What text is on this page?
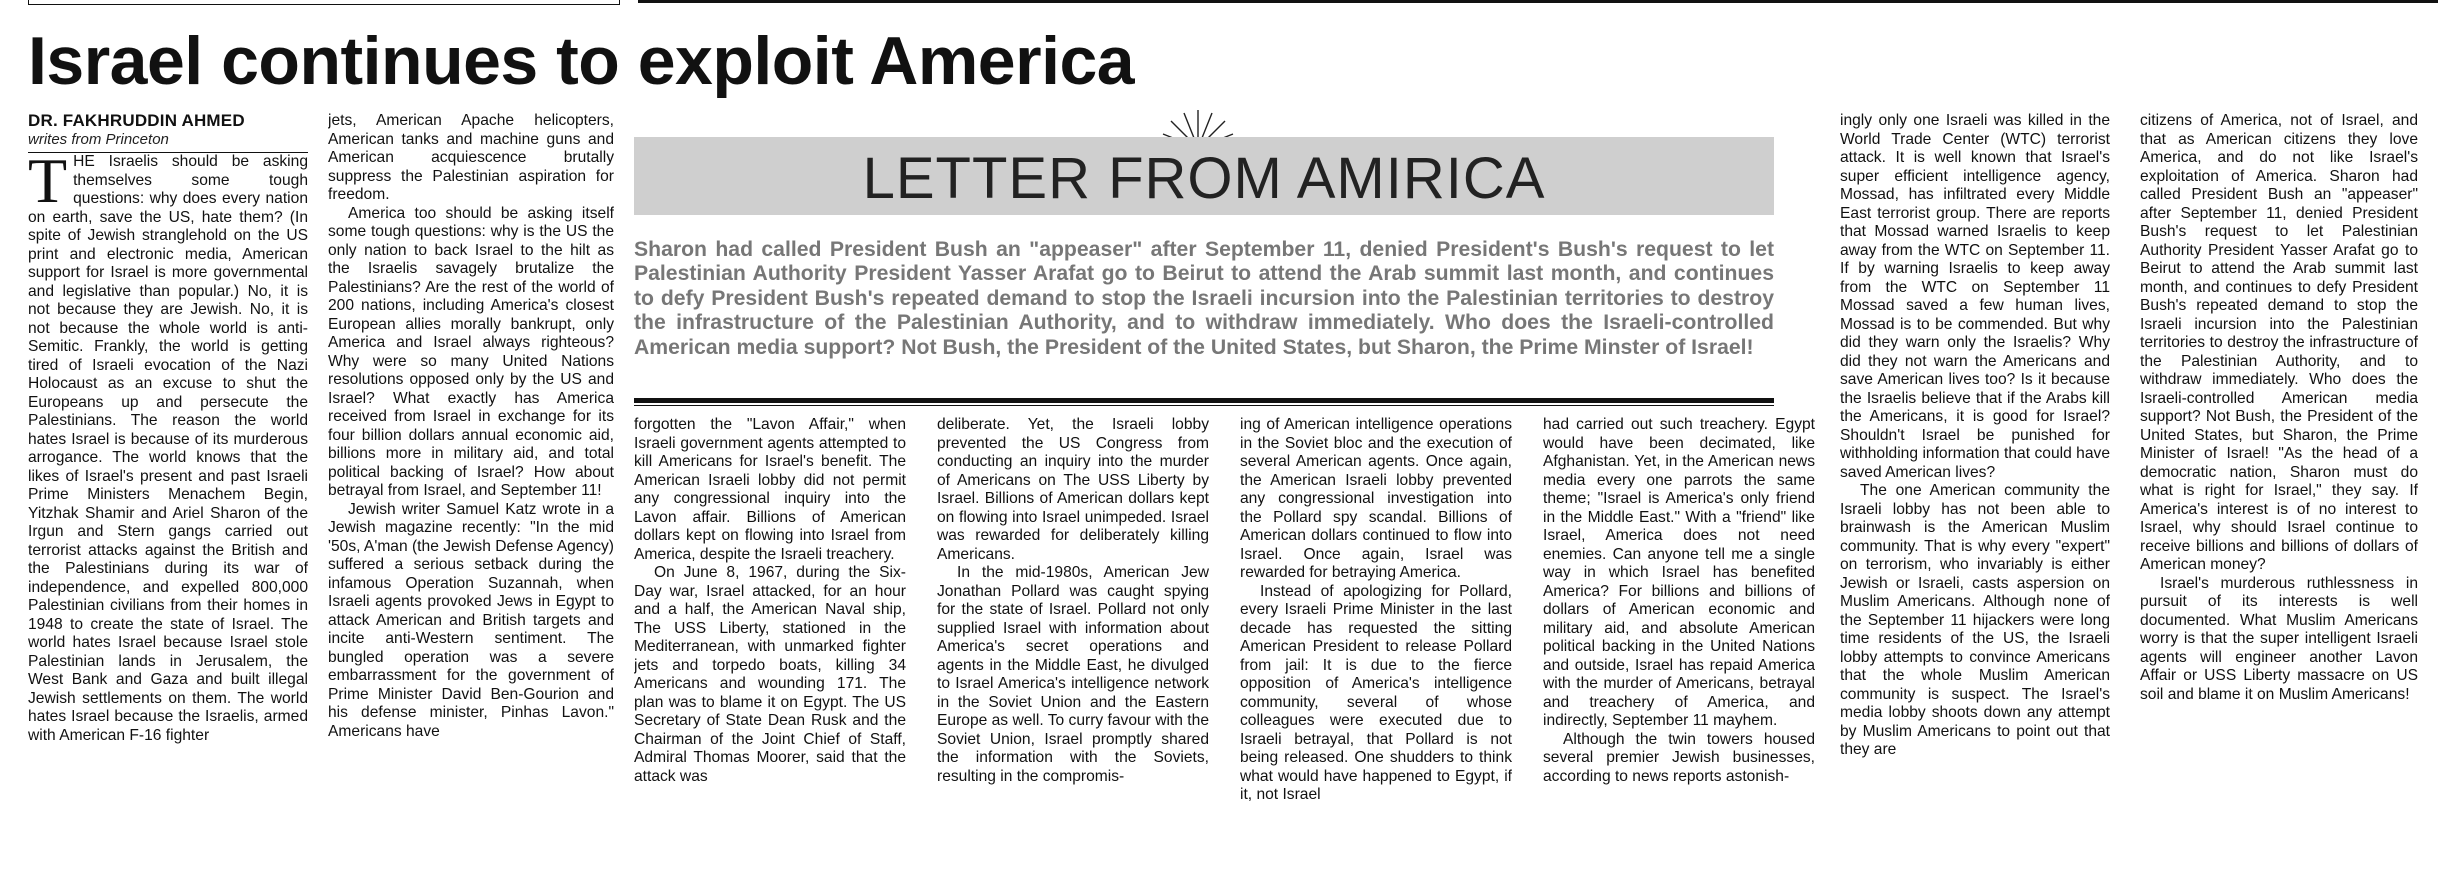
Israel continues to exploit America

DR. FAKHRUDDIN AHMED

writes from Princeton

THE Israelis should be asking themselves some tough questions: why does every nation on earth, save the US, hate them? (In spite of Jewish stranglehold on the US print and electronic media, American support for Israel is more governmental and legislative than popular.) No, it is not because they are Jewish. No, it is not because the whole world is anti-Semitic. Frankly, the world is getting tired of Israeli evocation of the Nazi Holocaust as an excuse to shut the Europeans up and persecute the Palestinians. The reason the world hates Israel is because of its murderous arrogance. The world knows that the likes of Israel's present and past Israeli Prime Ministers Menachem Begin, Yitzhak Shamir and Ariel Sharon of the Irgun and Stern gangs carried out terrorist attacks against the British and the Palestinians during its war of independence, and expelled 800,000 Palestinian civilians from their homes in 1948 to create the state of Israel. The world hates Israel because Israel stole Palestinian lands in Jerusalem, the West Bank and Gaza and built illegal Jewish settlements on them. The world hates Israel because the Israelis, armed with American F-16 fighter

jets, American Apache helicopters, American tanks and machine guns and American acquiescence brutally suppress the Palestinian aspiration for freedom.

America too should be asking itself some tough questions: why is the US the only nation to back Israel to the hilt as the Israelis savagely brutalize the Palestinians? Are the rest of the world of 200 nations, including America's closest European allies morally bankrupt, only America and Israel always righteous? Why were so many United Nations resolutions opposed only by the US and Israel? What exactly has America received from Israel in exchange for its four billion dollars annual economic aid, billions more in military aid, and total political backing of Israel? How about betrayal from Israel, and September 11!

Jewish writer Samuel Katz wrote in a Jewish magazine recently: "In the mid '50s, A'man (the Jewish Defense Agency) suffered a serious setback during the infamous Operation Suzannah, when Israeli agents provoked Jews in Egypt to attack American and British targets and incite anti-Western sentiment. The bungled operation was a severe embarrassment for the government of Prime Minister David Ben-Gourion and his defense minister, Pinhas Lavon." Americans have

LETTER FROM AMIRICA

Sharon had called President Bush an "appeaser" after September 11, denied President's Bush's request to let Palestinian Authority President Yasser Arafat go to Beirut to attend the Arab summit last month, and continues to defy President Bush's repeated demand to stop the Israeli incursion into the Palestinian territories to destroy the infrastructure of the Palestinian Authority, and to withdraw immediately. Who does the Israeli-controlled American media support? Not Bush, the President of the United States, but Sharon, the Prime Minster of Israel!

forgotten the "Lavon Affair," when Israeli government agents attempted to kill Americans for Israel's benefit. The American Israeli lobby did not permit any congressional inquiry into the Lavon affair. Billions of American dollars kept on flowing into Israel from America, despite the Israeli treachery.

On June 8, 1967, during the Six-Day war, Israel attacked, for an hour and a half, the American Naval ship, The USS Liberty, stationed in the Mediterranean, with unmarked fighter jets and torpedo boats, killing 34 Americans and wounding 171. The plan was to blame it on Egypt. The US Secretary of State Dean Rusk and the Chairman of the Joint Chief of Staff, Admiral Thomas Moorer, said that the attack was

deliberate. Yet, the Israeli lobby prevented the US Congress from conducting an inquiry into the murder of Americans on The USS Liberty by Israel. Billions of American dollars kept on flowing into Israel unimpeded. Israel was rewarded for deliberately killing Americans.

In the mid-1980s, American Jew Jonathan Pollard was caught spying for the state of Israel. Pollard not only supplied Israel with information about America's secret operations and agents in the Middle East, he divulged to Israel America's intelligence network in the Soviet Union and the Eastern Europe as well. To curry favour with the Soviet Union, Israel promptly shared the information with the Soviets, resulting in the compromis-

ing of American intelligence operations in the Soviet bloc and the execution of several American agents. Once again, the American Israeli lobby prevented any congressional investigation into the Pollard spy scandal. Billions of American dollars continued to flow into Israel. Once again, Israel was rewarded for betraying America.

Instead of apologizing for Pollard, every Israeli Prime Minister in the last decade has requested the sitting American President to release Pollard from jail: It is due to the fierce opposition of America's intelligence community, several of whose colleagues were executed due to Israeli betrayal, that Pollard is not being released. One shudders to think what would have happened to Egypt, if it, not Israel

had carried out such treachery. Egypt would have been decimated, like Afghanistan. Yet, in the American news media every one parrots the same theme; "Israel is America's only friend in the Middle East." With a "friend" like Israel, America does not need enemies. Can anyone tell me a single way in which Israel has benefited America? For billions and billions of dollars of American economic and military aid, and absolute American political backing in the United Nations and outside, Israel has repaid America with the murder of Americans, betrayal and treachery of America, and indirectly, September 11 mayhem.

Although the twin towers housed several premier Jewish businesses, according to news reports astonish-

ingly only one Israeli was killed in the World Trade Center (WTC) terrorist attack. It is well known that Israel's super efficient intelligence agency, Mossad, has infiltrated every Middle East terrorist group. There are reports that Mossad warned Israelis to keep away from the WTC on September 11. If by warning Israelis to keep away from the WTC on September 11 Mossad saved a few human lives, Mossad is to be commended. But why did they warn only the Israelis? Why did they not warn the Americans and save American lives too? Is it because the Israelis believe that if the Arabs kill the Americans, it is good for Israel? Shouldn't Israel be punished for withholding information that could have saved American lives?

The one American community the Israeli lobby has not been able to brainwash is the American Muslim community. That is why every "expert" on terrorism, who invariably is either Jewish or Israeli, casts aspersion on Muslim Americans. Although none of the September 11 hijackers were long time residents of the US, the Israeli lobby attempts to convince Americans that the whole Muslim American community is suspect. The Israel's media lobby shoots down any attempt by Muslim Americans to point out that they are

citizens of America, not of Israel, and that as American citizens they love America, and do not like Israel's exploitation of America. Sharon had called President Bush an "appeaser" after September 11, denied President Bush's request to let Palestinian Authority President Yasser Arafat go to Beirut to attend the Arab summit last month, and continues to defy President Bush's repeated demand to stop the Israeli incursion into the Palestinian territories to destroy the infrastructure of the Palestinian Authority, and to withdraw immediately. Who does the Israeli-controlled American media support? Not Bush, the President of the United States, but Sharon, the Prime Minister of Israel! "As the head of a democratic nation, Sharon must do what is right for Israel," they say. If America's interest is of no interest to Israel, why should Israel continue to receive billions and billions of dollars of American money?

Israel's murderous ruthlessness in pursuit of its interests is well documented. What Muslim Americans worry is that the super intelligent Israeli agents will engineer another Lavon Affair or USS Liberty massacre on US soil and blame it on Muslim Americans!
